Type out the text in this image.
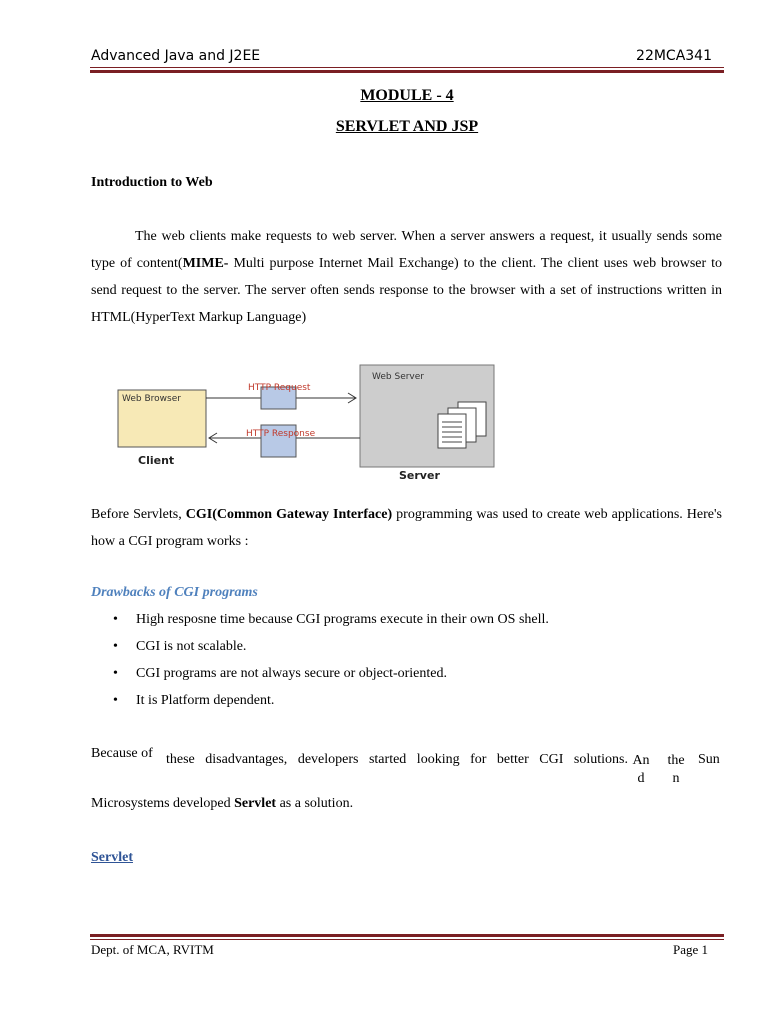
Advanced Java and J2EE	22MCA341
MODULE - 4
SERVLET AND JSP
Introduction to Web
The web clients make requests to web server. When a server answers a request, it usually sends some type of content(MIME- Multi purpose Internet Mail Exchange) to the client. The client uses web browser to send request to the server. The server often sends response to the browser with a set of instructions written in HTML(HyperText Markup Language)
Web Browser
Client
Web Server
Server
HTTP Request
HTTP Response
Before Servlets, CGI(Common Gateway Interface) programming was used to create web applications. Here's how a CGI program works :
Drawbacks of CGI programs
• High resposne time because CGI programs execute in their own OS shell.
• CGI is not scalable.
• CGI programs are not always secure or object-oriented.
• It is Platform dependent.
Because of these disadvantages, developers started looking for better CGI solutions. An
d
the
n
Sun
Microsystems developed Servlet as a solution.
Servlet
Dept. of MCA, RVITM	Page 1
